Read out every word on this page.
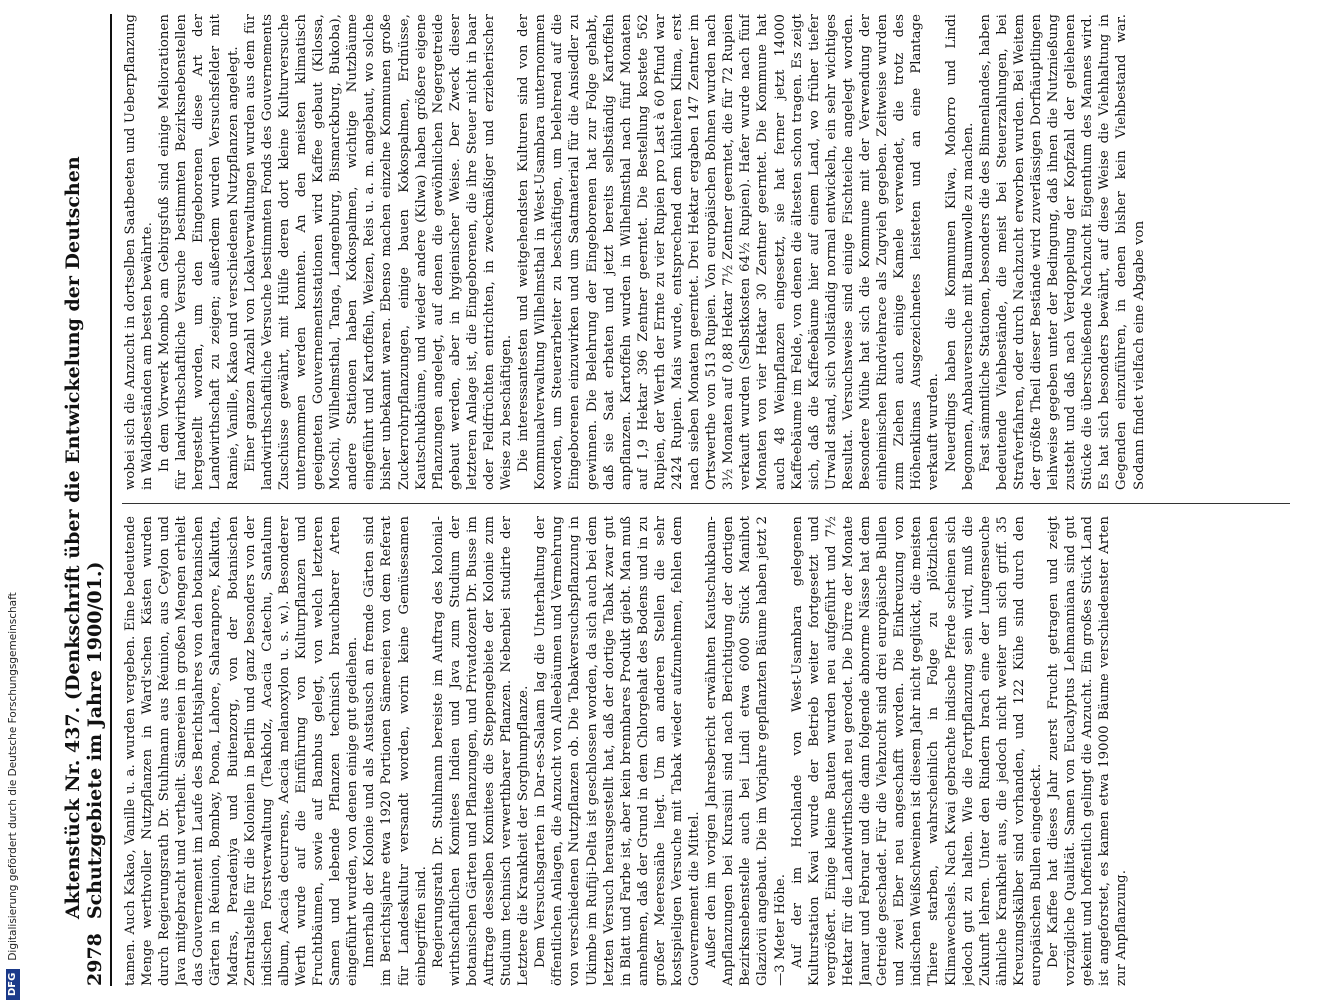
2978
Aktenstück Nr. 437. (Denkschrift über die Entwickelung der Deutschen Schutzgebiete im Jahre 1900/01.) tamen. Auch Kakao, Vanille u. a. wurden vergeben. Eine bedeutende Menge werthvoller Nutzpflanzen in Ward'schen Kästen wurden durch Regierungsrath Dr. Stuhlmann aus Réunion, aus Ceylon und Java mitgebracht und vertheilt. Sämereien in großen Mengen erhielt das Gouvernement im Laufe des Berichtsjahres von den botanischen Gärten in Réunion, Bombay, Poona, Lahore, Saharanpore, Kalkutta, Madras, Peradeniya und Buitenzorg, von der Botanischen Zentralstelle für die Kolonien in Berlin und ganz besonders von der indischen Forstverwaltung (Teakholz, Acacia Catechu, Santalum album, Acacia decurrens, Acacia melanoxylon u. s. w.). Besonderer Werth wurde auf die Einführung von Kulturpflanzen und Fruchtbäumen, sowie auf Bambus gelegt, von welch letzteren Samen und lebende Pflanzen technisch brauchbarer Arten eingeführt wurden, von denen einige gut gediehen. Innerhalb der Kolonie und als Austausch an fremde Gärten sind im Berichtsjahre etwa 1920 Portionen Sämereien von dem Referat für Landeskultur versandt worden, worin keine Gemüsesamen einbegriffen sind. Regierungsrath Dr. Stuhlmann bereiste im Auftrag des kolonial-wirthschaftlichen Komitees Indien und Java zum Studium der botanischen Gärten und Pflanzungen, und Privatdozent Dr. Busse im Auftrage desselben Komitees die Steppengebiete der Kolonie zum Studium technisch verwerthbarer Pflanzen. Nebenbei studirte der Letztere die Krankheit der Sorghumpflanze. Dem Versuchsgarten in Dar-es-Salaam lag die Unterhaltung der öffentlichen Anlagen, die Anzucht von Alleebäumen und Vermehrung von verschiedenen Nutzpflanzen ob. Die Tabakversuchspflanzung in Ukimbe im Rufiji-Delta ist geschlossen worden, da sich auch bei dem letzten Versuch herausgestellt hat, daß der dortige Tabak zwar gut in Blatt und Farbe ist, aber kein brennbares Produkt giebt. Man muß annehmen, daß der Grund in dem Chlorgehalt des Bodens und in zu großer Meeresnähe liegt. Um an anderen Stellen die sehr kostspieligen Versuche mit Tabak wieder aufzunehmen, fehlen dem Gouvernement die Mittel. Außer den im vorigen Jahresbericht erwähnten Kautschukbaum-Anpflanzungen bei Kurasini sind nach Berichtigung der dortigen Bezirksnebenstelle auch bei Lindi etwa 6000 Stück Manihot Glaziovii angebaut. Die im Vorjahre gepflanzten Bäume haben jetzt 2—3 Meter Höhe. Auf der im Hochlande von West-Usambara gelegenen Kulturstation Kwai wurde der Betrieb weiter fortgesetzt und vergrößert. Einige kleine Bauten wurden neu aufgeführt und 7½ Hektar für die Landwirthschaft neu gerodet. Die Dürre der Monate Januar und Februar und die dann folgende abnorme Nässe hat dem Getreide geschadet. Für die Viehzucht sind drei europäische Bullen und zwei Eber neu angeschafft worden. Die Einkreuzung von indischen Weißschweinen ist diesem Jahr nicht geglückt, die meisten Thiere starben, wahrscheinlich in Folge zu plötzlichen Klimawechsels. Nach Kwai gebrachte indische Pferde scheinen sich jedoch gut zu halten. Wie die Fortpflanzung sein wird, muß die Zukunft lehren. Unter den Rindern brach eine der Lungenseuche ähnliche Krankheit aus, die jedoch nicht weiter um sich griff. 35 Kreuzungskälber sind vorhanden, und 122 Kühe sind durch den europäischen Bullen eingedeckt. Der Kaffee hat dieses Jahr zuerst Frucht getragen und zeigt vorzügliche Qualität. Samen von Eucalyptus Lehmanniana sind gut gekeimt und hoffentlich gelingt die Anzucht. Ein großes Stück Land ist angeforstet, es kamen etwa 19000 Bäume verschiedenster Arten zur Anpflanzung.

wobei sich die Anzucht in dortselben Saatbeeten und Ueberpflanzung in Waldbeständen am besten bewährte. In dem Vorwerk Mombo am Gebirgsfuß sind einige Meliorationen für landwirthschaftliche Versuche bestimmten Bezirksnebenstellen hergestellt worden, um den Eingeborenen diese Art der Landwirthschaft zu zeigen; außerdem wurden Versuchsfelder mit Ramie, Vanille, Kakao und verschiedenen Nutzpflanzen angelegt. Einer ganzen Anzahl von Lokalverwaltungen wurden aus dem für landwirthschaftliche Versuche bestimmten Fonds des Gouvernements Zuschüsse gewährt, mit Hülfe deren dort kleine Kulturversuche unternommen werden konnten. An den meisten klimatisch geeigneten Gouvernementsstationen wird Kaffee gebaut (Kilossa, Moschi, Wilhelmsthal, Tanga, Langenburg, Bismarckburg, Bukoba), andere Stationen haben Kokospalmen, wichtige Nutzbäume eingeführt und Kartoffeln, Weizen, Reis u. a. m. angebaut, wo solche bisher unbekannt waren. Ebenso machen einzelne Kommunen große Zuckerrohrpflanzungen, einige bauen Kokospalmen, Erdnüsse, Kautschukbäume, und wieder andere (Kilwa) haben größere eigene Pflanzungen angelegt, auf denen die gewöhnlichen Negergetreide gebaut werden, aber in hygienischer Weise. Der Zweck dieser letzteren Anlage ist, die Eingeborenen, die ihre Steuer nicht in baar oder Feldfrüchten entrichten, in zweckmäßiger und erzieherischer Weise zu beschäftigen. Die interessantesten und weitgehendsten Kulturen sind von der Kommunalverwaltung Wilhelmsthal in West-Usambara unternommen worden, um Steuerarbeiter zu beschäftigen, um belehrend auf die Eingeborenen einzuwirken und um Saatmaterial für die Ansiedler zu gewinnen. Die Belehrung der Eingeborenen hat zur Folge gehabt, daß sie Saat erbaten und jetzt bereits selbständig Kartoffeln anpflanzen. Kartoffeln wurden in Wilhelmsthal nach fünf Monaten auf 1,9 Hektar 396 Zentner geerntet. Die Bestellung kostete 562 Rupien, der Werth der Ernte zu vier Rupien pro Last à 60 Pfund war 2424 Rupien. Mais wurde, entsprechend dem kühleren Klima, erst nach sieben Monaten geerntet. Drei Hektar ergaben 147 Zentner im Ortswerthe von 513 Rupien. Von europäischen Bohnen wurden nach 3½ Monaten auf 0,88 Hektar 7½ Zentner geerntet, die für 72 Rupien verkauft wurden (Selbstkosten 64½ Rupien). Hafer wurde nach fünf Monaten von vier Hektar 30 Zentner geerntet. Die Kommune hat auch 48 Weinpflanzen eingesetzt, sie hat ferner jetzt 14000 Kaffeebäume im Felde, von denen die ältesten schon tragen. Es zeigt sich, daß die Kaffeebäume hier auf einem Land, wo früher tiefer Urwald stand, sich vollständig normal entwickeln, ein sehr wichtiges Resultat. Versuchsweise sind einige Fischteiche angelegt worden. Besondere Mühe hat sich die Kommune mit der Verwendung der einheimischen Rindviehrace als Zugvieh gegeben. Zeitweise wurden zum Ziehen auch einige Kamele verwendet, die trotz des Höhenklimas Ausgezeichnetes leisteten und an eine Plantage verkauft wurden. Neuerdings haben die Kommunen Kilwa, Mohorro und Lindi begonnen, Anbauversuche mit Baumwolle zu machen. Fast sämmtliche Stationen, besonders die des Binnenlandes, haben bedeutende Viehbestände, die meist bei Steuerzahlungen, bei Strafverfahren, oder durch Nachzucht erworben wurden. Bei Weitem der größte Theil dieser Bestände wird zuverlässigen Dorfhäuptlingen leihweise gegeben unter der Bedingung, daß ihnen die Nutznießung zusteht und daß nach Verdoppelung der Kopfzahl der geliehenen Stücke die überschießende Nachzucht Eigenthum des Mannes wird. Es hat sich besonders bewährt, auf diese Weise die Viehhaltung in Gegenden einzuführen, in denen bisher kein Viehbestand war. Sodann findet vielfach eine Abgabe von

DFG
Digitalisierung gefördert durch die Deutsche Forschungsgemeinschaft
